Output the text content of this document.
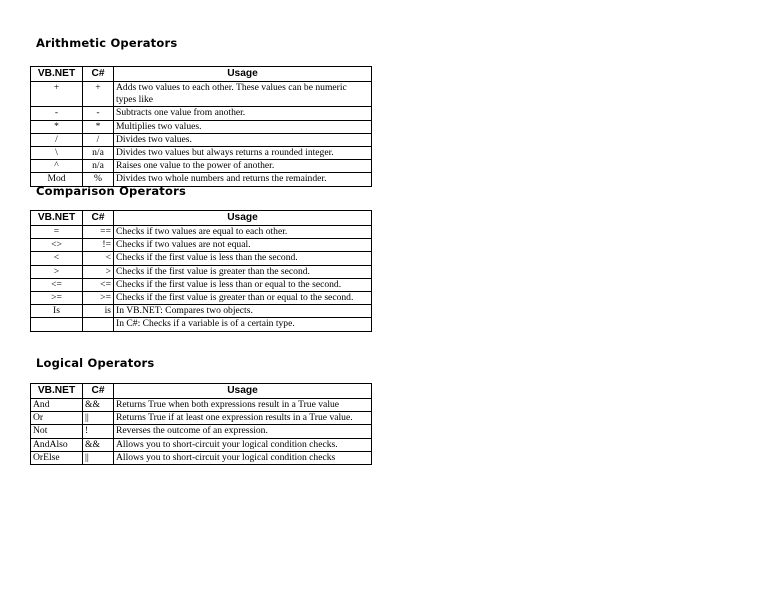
Arithmetic Operators
VB.NET	C#	Usage
+	+	Adds two values to each other. These values can be numeric types like
-	-	Subtracts one value from another.
*	*	Multiplies two values.
/	/	Divides two values.
\	n/a	Divides two values but always returns a rounded integer.
^	n/a	Raises one value to the power of another.
Mod	%	Divides two whole numbers and returns the remainder.
Comparison Operators
VB.NET	C#	Usage
=	==	Checks if two values are equal to each other.
<>	!=	Checks if two values are not equal.
<	<	Checks if the first value is less than the second.
>	>	Checks if the first value is greater than the second.
<=	<=	Checks if the first value is less than or equal to the second.
>=	>=	Checks if the first value is greater than or equal to the second.
Is	is	In VB.NET: Compares two objects.
		In C#: Checks if a variable is of a certain type.
Logical Operators
VB.NET	C#	Usage
And	&&	Returns True when both expressions result in a True value
Or	||	Returns True if at least one expression results in a True value.
Not	!	Reverses the outcome of an expression.
AndAlso	&&	Allows you to short-circuit your logical condition checks.
OrElse	||	Allows you to short-circuit your logical condition checks
